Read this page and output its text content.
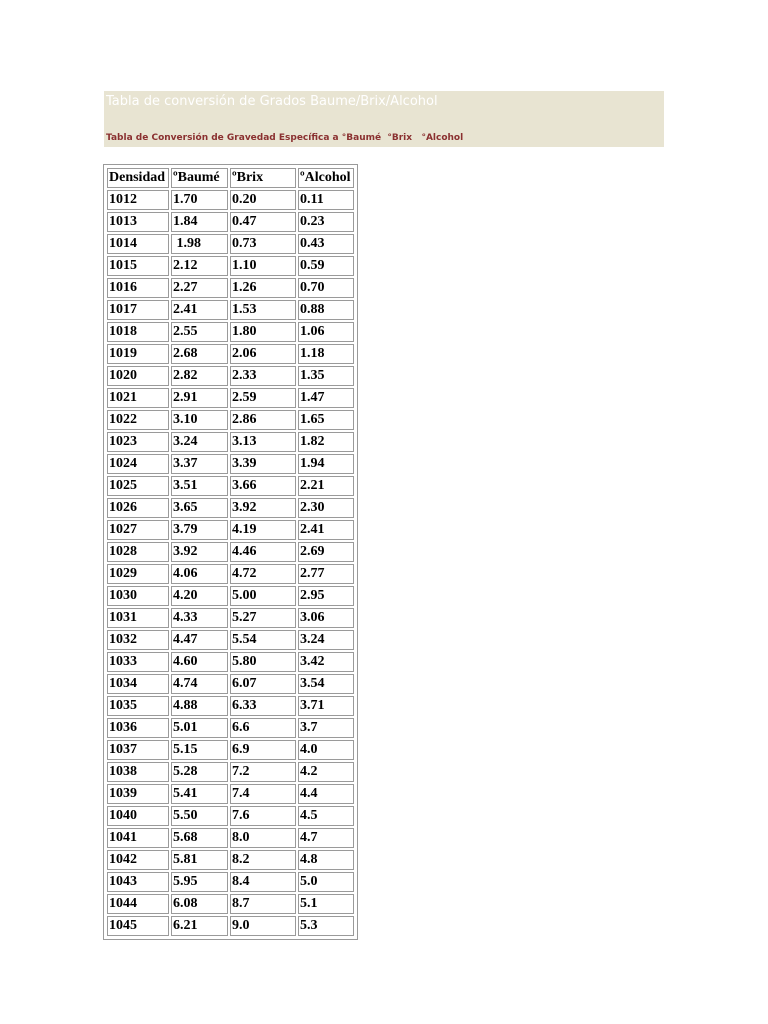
Tabla de conversión de Grados Baume/Brix/Alcohol
Tabla de Conversión de Gravedad Específica a °Baumé  °Brix   °Alcohol
Densidad	ºBaumé	ºBrix	ºAlcohol
1012	1.70	0.20	0.11
1013	1.84	0.47	0.23
1014	1.98	0.73	0.43
1015	2.12	1.10	0.59
1016	2.27	1.26	0.70
1017	2.41	1.53	0.88
1018	2.55	1.80	1.06
1019	2.68	2.06	1.18
1020	2.82	2.33	1.35
1021	2.91	2.59	1.47
1022	3.10	2.86	1.65
1023	3.24	3.13	1.82
1024	3.37	3.39	1.94
1025	3.51	3.66	2.21
1026	3.65	3.92	2.30
1027	3.79	4.19	2.41
1028	3.92	4.46	2.69
1029	4.06	4.72	2.77
1030	4.20	5.00	2.95
1031	4.33	5.27	3.06
1032	4.47	5.54	3.24
1033	4.60	5.80	3.42
1034	4.74	6.07	3.54
1035	4.88	6.33	3.71
1036	5.01	6.6	3.7
1037	5.15	6.9	4.0
1038	5.28	7.2	4.2
1039	5.41	7.4	4.4
1040	5.50	7.6	4.5
1041	5.68	8.0	4.7
1042	5.81	8.2	4.8
1043	5.95	8.4	5.0
1044	6.08	8.7	5.1
1045	6.21	9.0	5.3
